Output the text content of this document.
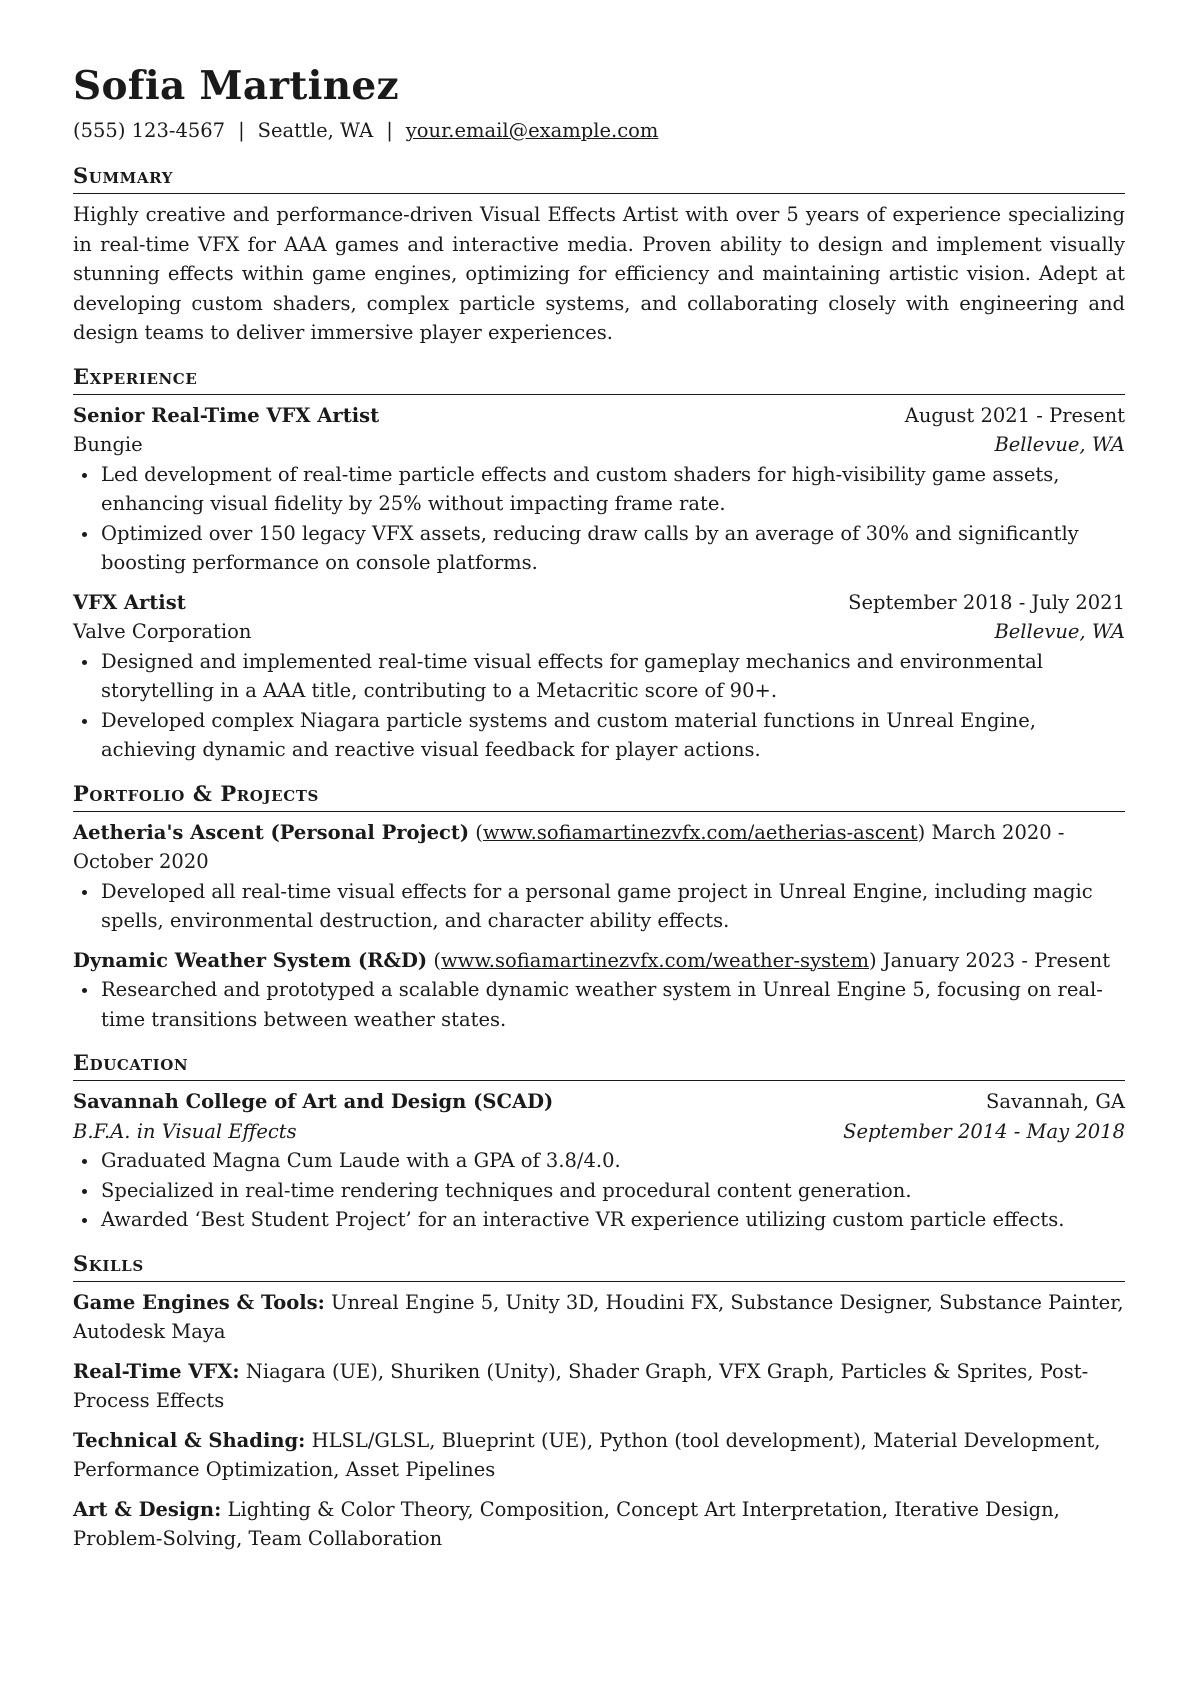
Sofia Martinez
(555) 123-4567 | Seattle, WA | your.email@example.com
Summary
Highly creative and performance-driven Visual Effects Artist with over 5 years of experience specializing in real-time VFX for AAA games and interactive media. Proven ability to design and implement visually stunning effects within game engines, optimizing for efficiency and maintaining artistic vision. Adept at developing custom shaders, complex particle systems, and collaborating closely with engineering and design teams to deliver immersive player experiences.
Experience
Senior Real-Time VFX Artist	August 2021 - Present
Bungie	Bellevue, WA
Led development of real-time particle effects and custom shaders for high-visibility game assets, enhancing visual fidelity by 25% without impacting frame rate.
Optimized over 150 legacy VFX assets, reducing draw calls by an average of 30% and significantly boosting performance on console platforms.
VFX Artist	September 2018 - July 2021
Valve Corporation	Bellevue, WA
Designed and implemented real-time visual effects for gameplay mechanics and environmental storytelling in a AAA title, contributing to a Metacritic score of 90+.
Developed complex Niagara particle systems and custom material functions in Unreal Engine, achieving dynamic and reactive visual feedback for player actions.
Portfolio & Projects
Aetheria's Ascent (Personal Project) (www.sofiamartinezvfx.com/aetherias-ascent) March 2020 - October 2020
Developed all real-time visual effects for a personal game project in Unreal Engine, including magic spells, environmental destruction, and character ability effects.
Dynamic Weather System (R&D) (www.sofiamartinezvfx.com/weather-system) January 2023 - Present
Researched and prototyped a scalable dynamic weather system in Unreal Engine 5, focusing on real-time transitions between weather states.
Education
Savannah College of Art and Design (SCAD)	Savannah, GA
B.F.A. in Visual Effects	September 2014 - May 2018
Graduated Magna Cum Laude with a GPA of 3.8/4.0.
Specialized in real-time rendering techniques and procedural content generation.
Awarded ‘Best Student Project’ for an interactive VR experience utilizing custom particle effects.
Skills
Game Engines & Tools: Unreal Engine 5, Unity 3D, Houdini FX, Substance Designer, Substance Painter, Autodesk Maya
Real-Time VFX: Niagara (UE), Shuriken (Unity), Shader Graph, VFX Graph, Particles & Sprites, Post-Process Effects
Technical & Shading: HLSL/GLSL, Blueprint (UE), Python (tool development), Material Development, Performance Optimization, Asset Pipelines
Art & Design: Lighting & Color Theory, Composition, Concept Art Interpretation, Iterative Design, Problem-Solving, Team Collaboration
